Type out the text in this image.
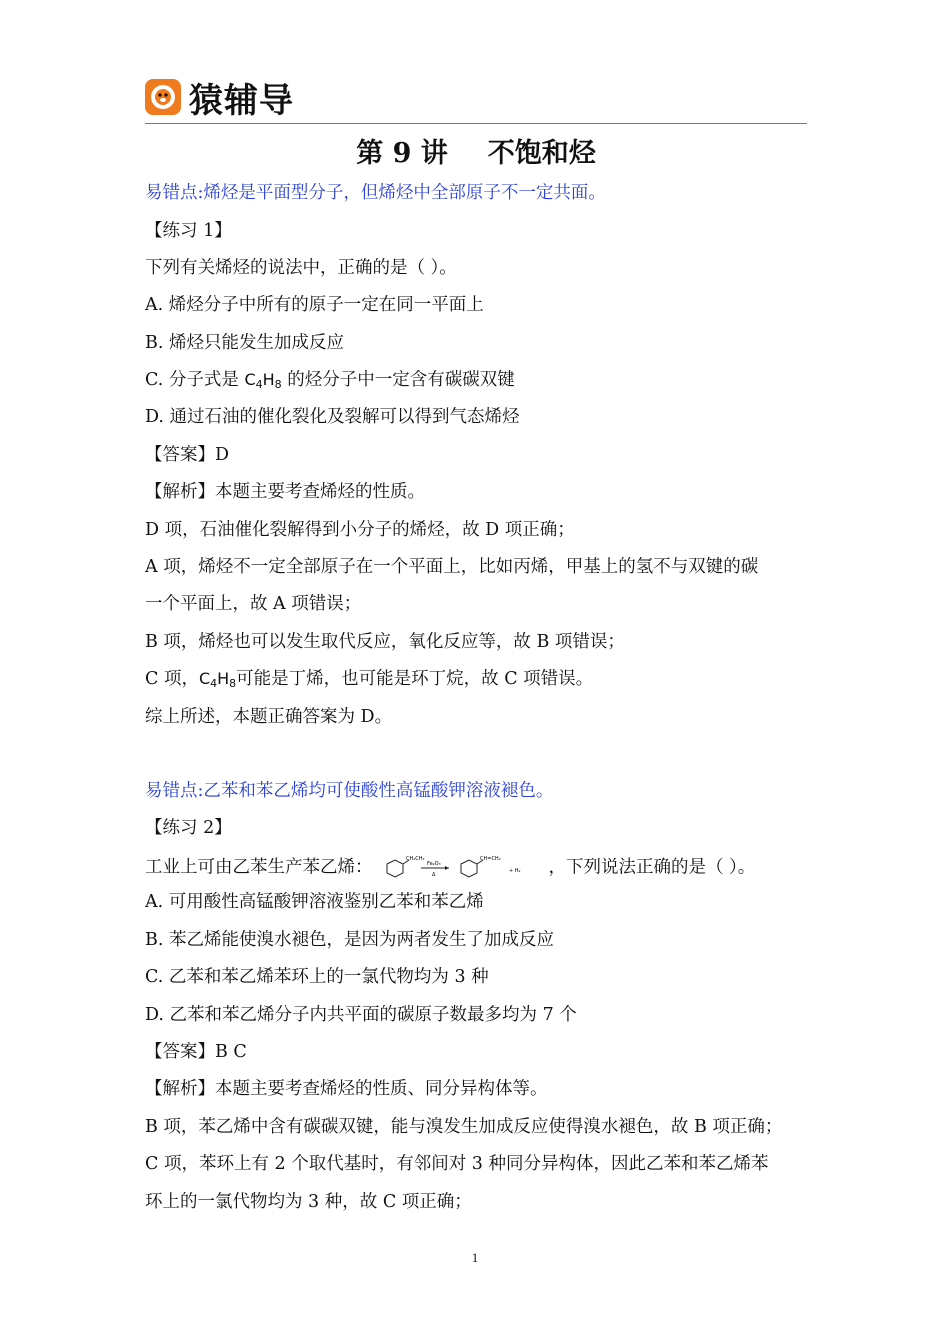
猿辅导
第 9 讲 不饱和烃
易错点:烯烃是平面型分子，但烯烃中全部原子不一定共面。
【练习 1】
下列有关烯烃的说法中，正确的是（ ）。
A. 烯烃分子中所有的原子一定在同一平面上
B. 烯烃只能发生加成反应
C. 分子式是 $C_4H_8$ 的烃分子中一定含有碳碳双键
D. 通过石油的催化裂化及裂解可以得到气态烯烃
【答案】D
【解析】本题主要考查烯烃的性质。
D 项，石油催化裂解得到小分子的烯烃，故 D 项正确；
A 项，烯烃不一定全部原子在一个平面上，比如丙烯，甲基上的氢不与双键的碳
一个平面上，故 A 项错误；
B 项，烯烃也可以发生取代反应，氧化反应等，故 B 项错误；
C 项，$C_4H_8$可能是丁烯，也可能是环丁烷，故 C 项错误。
综上所述，本题正确答案为 D。
易错点:乙苯和苯乙烯均可使酸性高锰酸钾溶液褪色。
【练习 2】
工业上可由乙苯生产苯乙烯：	CH₂CH₃
Fe₂O₃
Δ
CH=CH₂
+ H₂ ，下列说法正确的是（ ）。
A. 可用酸性高锰酸钾溶液鉴别乙苯和苯乙烯
B. 苯乙烯能使溴水褪色，是因为两者发生了加成反应
C. 乙苯和苯乙烯苯环上的一氯代物均为 3 种
D. 乙苯和苯乙烯分子内共平面的碳原子数最多均为 7 个
【答案】B C
【解析】本题主要考查烯烃的性质、同分异构体等。
B 项，苯乙烯中含有碳碳双键，能与溴发生加成反应使得溴水褪色，故 B 项正确；
C 项，苯环上有 2 个取代基时，有邻间对 3 种同分异构体，因此乙苯和苯乙烯苯
环上的一氯代物均为 3 种，故 C 项正确；
1
